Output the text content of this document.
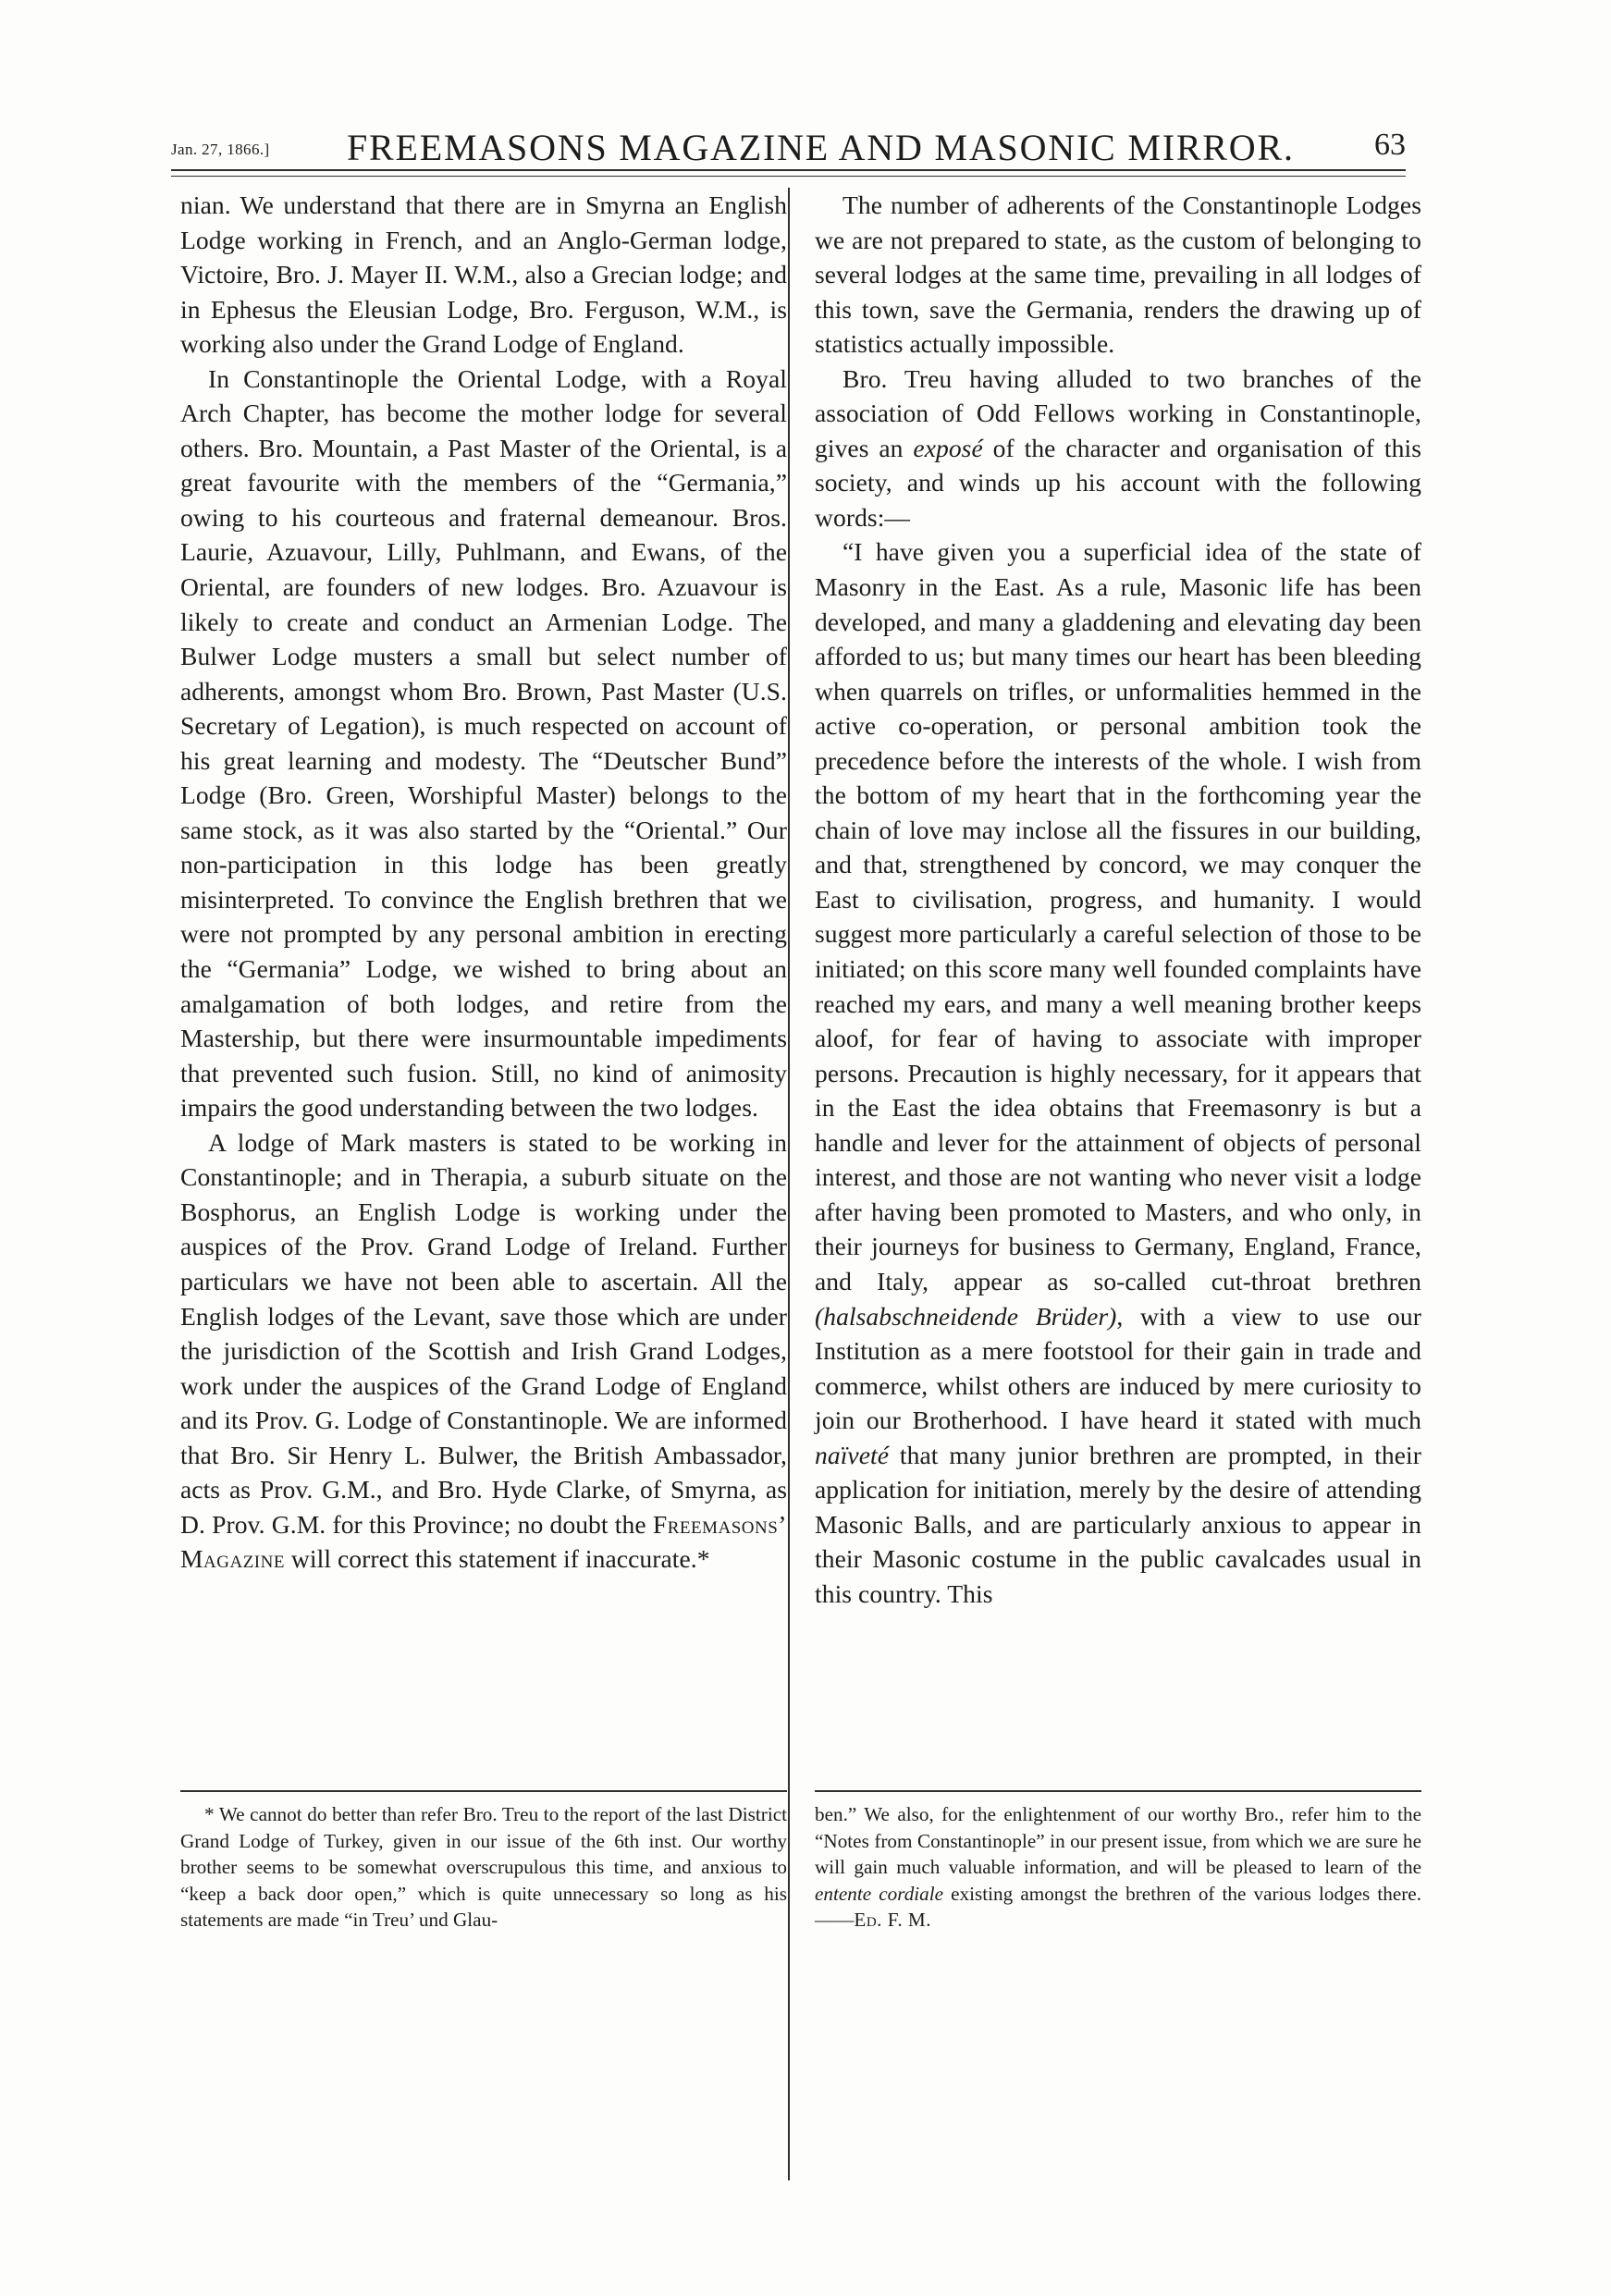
Jan. 27, 1866.] FREEMASONS MAGAZINE AND MASONIC MIRROR.	63

nian. We understand that there are in Smyrna an English Lodge working in French, and an Anglo-German lodge, Victoire, Bro. J. Mayer II. W.M., also a Grecian lodge; and in Ephesus the Eleusian Lodge, Bro. Ferguson, W.M., is working also under the Grand Lodge of England.

In Constantinople the Oriental Lodge, with a Royal Arch Chapter, has become the mother lodge for several others. Bro. Mountain, a Past Master of the Oriental, is a great favourite with the members of the “Germania,” owing to his courteous and fraternal demeanour. Bros. Laurie, Azuavour, Lilly, Puhlmann, and Ewans, of the Oriental, are founders of new lodges. Bro. Azuavour is likely to create and conduct an Armenian Lodge. The Bulwer Lodge musters a small but select number of adherents, amongst whom Bro. Brown, Past Master (U.S. Secretary of Legation), is much respected on account of his great learning and modesty. The “Deutscher Bund” Lodge (Bro. Green, Worshipful Master) belongs to the same stock, as it was also started by the “Oriental.” Our non-participation in this lodge has been greatly misinterpreted. To convince the English brethren that we were not prompted by any personal ambition in erecting the “Germania” Lodge, we wished to bring about an amalgamation of both lodges, and retire from the Mastership, but there were insurmountable impediments that prevented such fusion. Still, no kind of animosity impairs the good understanding between the two lodges.

A lodge of Mark masters is stated to be working in Constantinople; and in Therapia, a suburb situate on the Bosphorus, an English Lodge is working under the auspices of the Prov. Grand Lodge of Ireland. Further particulars we have not been able to ascertain. All the English lodges of the Levant, save those which are under the jurisdiction of the Scottish and Irish Grand Lodges, work under the auspices of the Grand Lodge of England and its Prov. G. Lodge of Constantinople. We are informed that Bro. Sir Henry L. Bulwer, the British Ambassador, acts as Prov. G.M., and Bro. Hyde Clarke, of Smyrna, as D. Prov. G.M. for this Province; no doubt the Freemasons’ Magazine will correct this statement if inaccurate.*

The number of adherents of the Constantinople Lodges we are not prepared to state, as the custom of belonging to several lodges at the same time, prevailing in all lodges of this town, save the Germania, renders the drawing up of statistics actually impossible.

Bro. Treu having alluded to two branches of the association of Odd Fellows working in Constantinople, gives an exposé of the character and organisation of this society, and winds up his account with the following words:—

“I have given you a superficial idea of the state of Masonry in the East. As a rule, Masonic life has been developed, and many a gladdening and elevating day been afforded to us; but many times our heart has been bleeding when quarrels on trifles, or unformalities hemmed in the active co-operation, or personal ambition took the precedence before the interests of the whole. I wish from the bottom of my heart that in the forthcoming year the chain of love may inclose all the fissures in our building, and that, strengthened by concord, we may conquer the East to civilisation, progress, and humanity. I would suggest more particularly a careful selection of those to be initiated; on this score many well founded complaints have reached my ears, and many a well meaning brother keeps aloof, for fear of having to associate with improper persons. Precaution is highly necessary, for it appears that in the East the idea obtains that Freemasonry is but a handle and lever for the attainment of objects of personal interest, and those are not wanting who never visit a lodge after having been promoted to Masters, and who only, in their journeys for business to Germany, England, France, and Italy, appear as so-called cut-throat brethren (halsabschneidende Brüder), with a view to use our Institution as a mere footstool for their gain in trade and commerce, whilst others are induced by mere curiosity to join our Brotherhood. I have heard it stated with much naïveté that many junior brethren are prompted, in their application for initiation, merely by the desire of attending Masonic Balls, and are particularly anxious to appear in their Masonic costume in the public cavalcades usual in this country. This

* We cannot do better than refer Bro. Treu to the report of the last District Grand Lodge of Turkey, given in our issue of the 6th inst. Our worthy brother seems to be somewhat overscrupulous this time, and anxious to “keep a back door open,” which is quite unnecessary so long as his statements are made “in Treu’ und Glau-
ben.” We also, for the enlightenment of our worthy Bro., refer him to the “Notes from Constantinople” in our present issue, from which we are sure he will gain much valuable information, and will be pleased to learn of the entente cordiale existing amongst the brethren of the various lodges there.——Ed. F. M.
